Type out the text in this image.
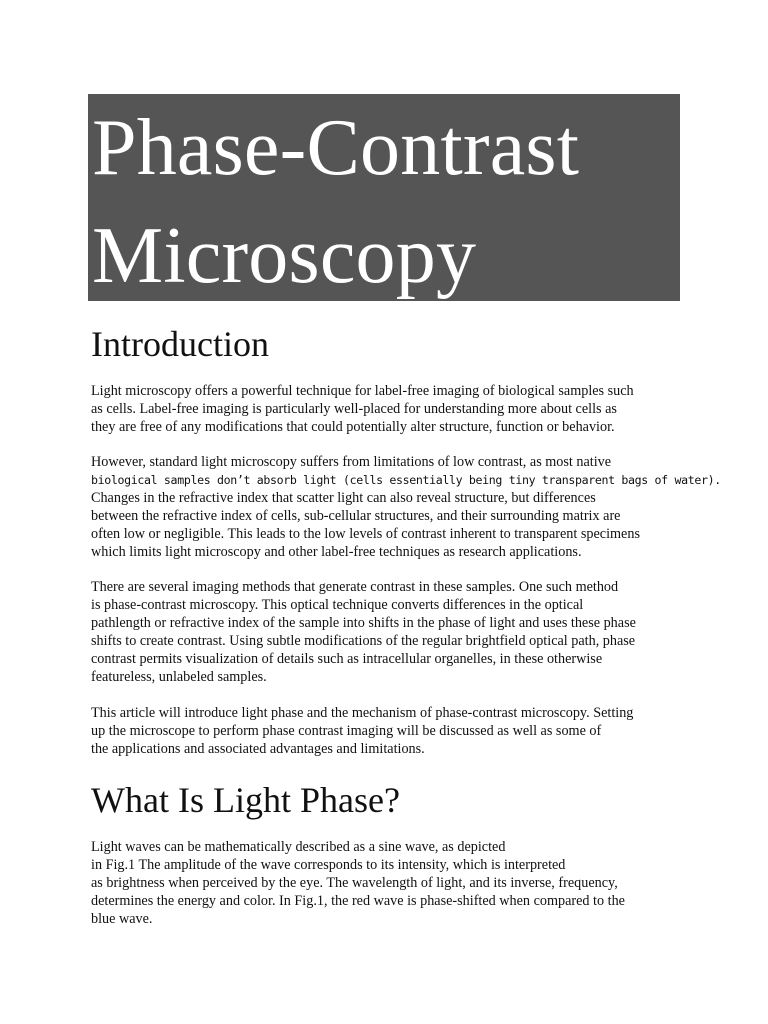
Phase-Contrast
Microscopy
Introduction
Light microscopy offers a powerful technique for label-free imaging of biological samples such
as cells. Label-free imaging is particularly well-placed for understanding more about cells as
they are free of any modifications that could potentially alter structure, function or behavior.
However, standard light microscopy suffers from limitations of low contrast, as most native
biological samples don’t absorb light (cells essentially being tiny transparent bags of water).
Changes in the refractive index that scatter light can also reveal structure, but differences
between the refractive index of cells, sub-cellular structures, and their surrounding matrix are
often low or negligible. This leads to the low levels of contrast inherent to transparent specimens
which limits light microscopy and other label-free techniques as research applications.
There are several imaging methods that generate contrast in these samples. One such method
is phase-contrast microscopy. This optical technique converts differences in the optical
pathlength or refractive index of the sample into shifts in the phase of light and uses these phase
shifts to create contrast. Using subtle modifications of the regular brightfield optical path, phase
contrast permits visualization of details such as intracellular organelles, in these otherwise
featureless, unlabeled samples.
This article will introduce light phase and the mechanism of phase-contrast microscopy. Setting
up the microscope to perform phase contrast imaging will be discussed as well as some of
the applications and associated advantages and limitations.
What Is Light Phase?
Light waves can be mathematically described as a sine wave, as depicted
in Fig.1 The amplitude of the wave corresponds to its intensity, which is interpreted
as brightness when perceived by the eye. The wavelength of light, and its inverse, frequency,
determines the energy and color. In Fig.1, the red wave is phase-shifted when compared to the
blue wave.
